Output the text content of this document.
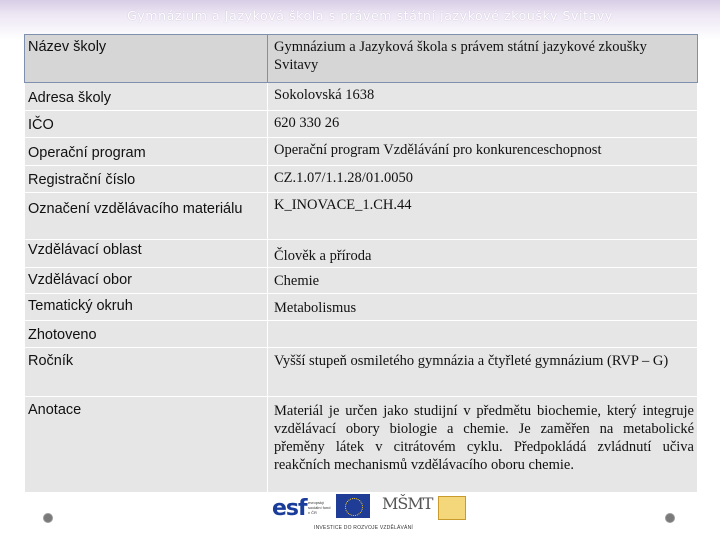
Gymnázium a Jazyková škola s právem státní jazykové zkoušky Svitavy
Název školy	Gymnázium a Jazyková škola s právem státní jazykové zkoušky Svitavy
Adresa školy	Sokolovská 1638
IČO	620 330 26
Operační program	Operační program Vzdělávání pro konkurenceschopnost
Registrační číslo	CZ.1.07/1.1.28/01.0050
Označení vzdělávacího materiálu	K_INOVACE_1.CH.44
Vzdělávací oblast	Člověk a příroda
Vzdělávací obor	Chemie
Tematický okruh	Metabolismus
Zhotoveno	
Ročník	Vyšší stupeň osmiletého gymnázia a čtyřleté gymnázium (RVP – G)
Anotace	Materiál je určen jako studijní v předmětu biochemie, který integruje vzdělávací obory biologie a chemie. Je zaměřen na metabolické přeměny látek v citrátovém cyklu. Předpokládá zvládnutí učiva reakčních mechanismů vzdělávacího oboru chemie.
esf evropský sociální fond v ČR	MŠMT
INVESTICE DO ROZVOJE VZDĚLÁVÁNÍ
